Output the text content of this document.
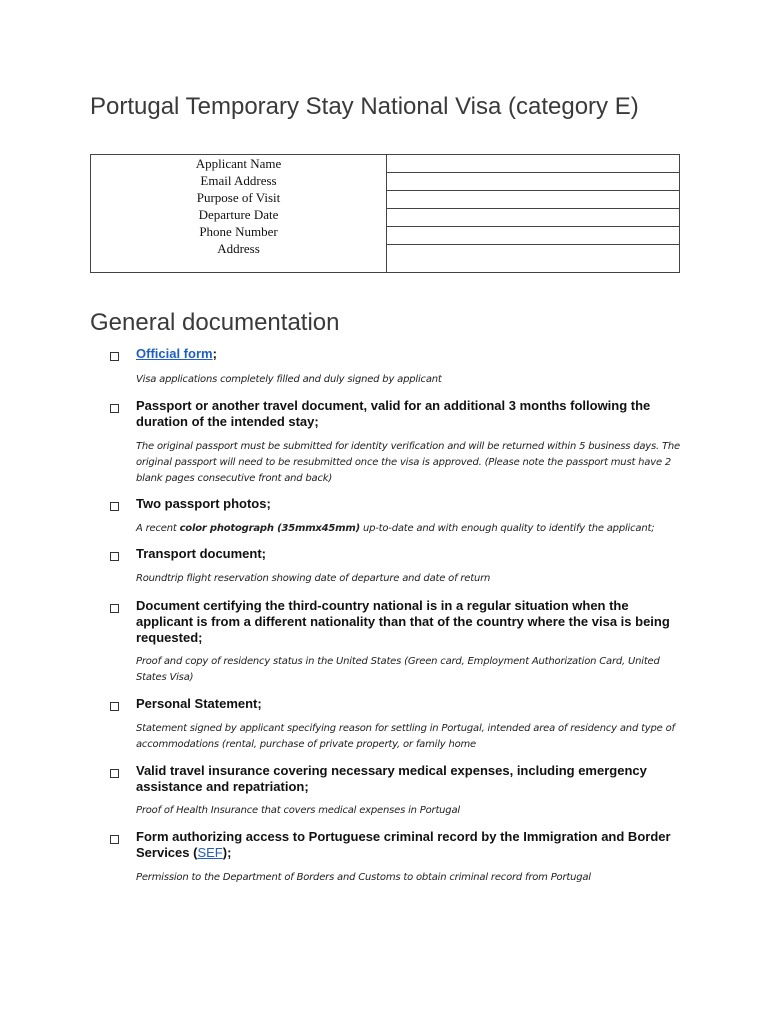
Portugal Temporary Stay National Visa (category E)
Applicant Name
Email Address
Purpose of Visit
Departure Date
Phone Number
Address

General documentation
Official form;
Visa applications completely filled and duly signed by applicant
Passport or another travel document, valid for an additional 3 months following the duration of the intended stay;
The original passport must be submitted for identity verification and will be returned within 5 business days. The original passport will need to be resubmitted once the visa is approved. (Please note the passport must have 2 blank pages consecutive front and back)
Two passport photos;
A recent color photograph (35mmx45mm) up-to-date and with enough quality to identify the applicant;
Transport document;
Roundtrip flight reservation showing date of departure and date of return
Document certifying the third-country national is in a regular situation when the applicant is from a different nationality than that of the country where the visa is being requested;
Proof and copy of residency status in the United States (Green card, Employment Authorization Card, United States Visa)
Personal Statement;
Statement signed by applicant specifying reason for settling in Portugal, intended area of residency and type of accommodations (rental, purchase of private property, or family home
Valid travel insurance covering necessary medical expenses, including emergency assistance and repatriation;
Proof of Health Insurance that covers medical expenses in Portugal
Form authorizing access to Portuguese criminal record by the Immigration and Border Services (SEF);
Permission to the Department of Borders and Customs to obtain criminal record from Portugal
